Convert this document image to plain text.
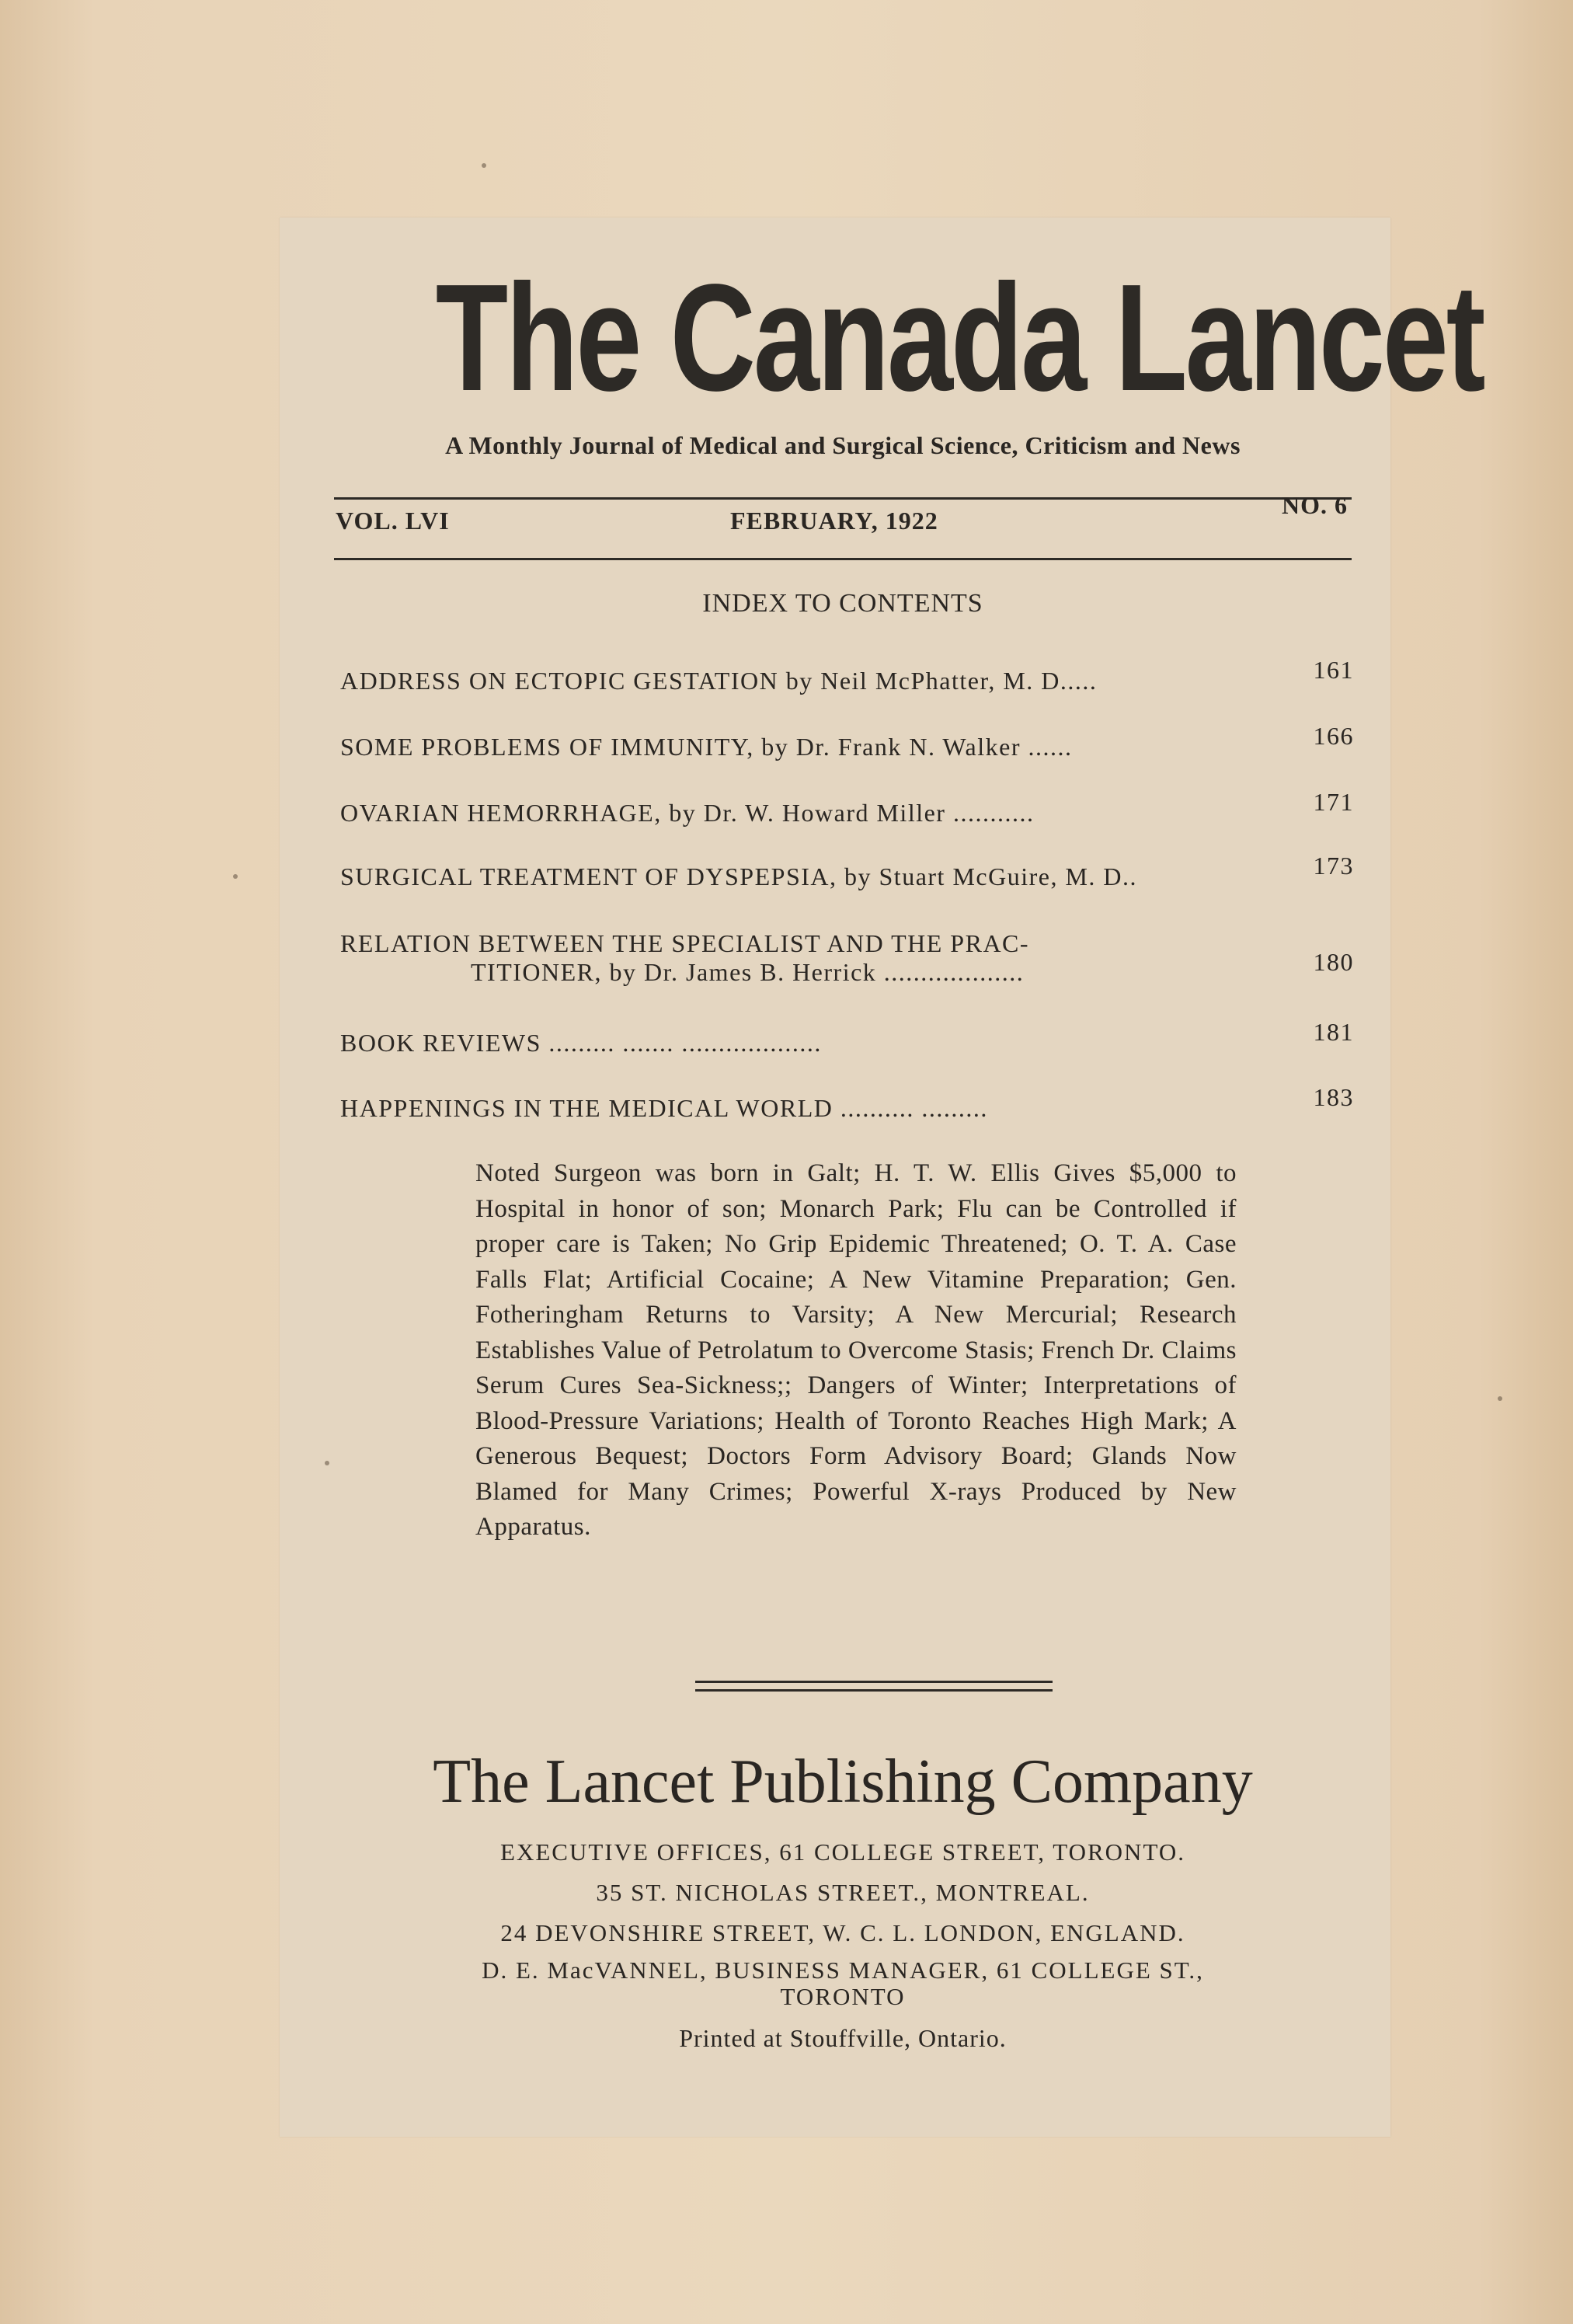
The Canada Lancet
A Monthly Journal of Medical and Surgical Science, Criticism and News
VOL. LVI	FEBRUARY, 1922
NO. 6
INDEX TO CONTENTS
ADDRESS ON ECTOPIC GESTATION by Neil McPhatter, M. D.....	161
SOME PROBLEMS OF IMMUNITY, by Dr. Frank N. Walker ......	166
OVARIAN HEMORRHAGE, by Dr. W. Howard Miller ...........	171
SURGICAL TREATMENT OF DYSPEPSIA, by Stuart McGuire, M. D..	173
RELATION BETWEEN THE SPECIALIST AND THE PRAC-
TITIONER, by Dr. James B. Herrick ...................	180
BOOK REVIEWS ......... ....... ...................	181
HAPPENINGS IN THE MEDICAL WORLD .......... .........	183
Noted Surgeon was born in Galt; H. T. W. Ellis Gives $5,000 to Hospital in honor of son; Monarch Park; Flu can be Controlled if proper care is Taken; No Grip Epidemic Threatened; O. T. A. Case Falls Flat; Artificial Cocaine; A New Vitamine Preparation; Gen. Fotheringham Returns to Varsity; A New Mercurial; Research Establishes Value of Petrolatum to Overcome Stasis; French Dr. Claims Serum Cures Sea-Sickness;; Dangers of Winter; Interpretations of Blood-Pressure Variations; Health of Toronto Reaches High Mark; A Generous Bequest; Doctors Form Advisory Board; Glands Now Blamed for Many Crimes; Powerful X-rays Produced by New Apparatus.
The Lancet Publishing Company
EXECUTIVE OFFICES, 61 COLLEGE STREET, TORONTO.
35 ST. NICHOLAS STREET., MONTREAL.
24 DEVONSHIRE STREET, W. C. L. LONDON, ENGLAND.
D. E. MacVANNEL, BUSINESS MANAGER, 61 COLLEGE ST.,
TORONTO
Printed at Stouffville, Ontario.
